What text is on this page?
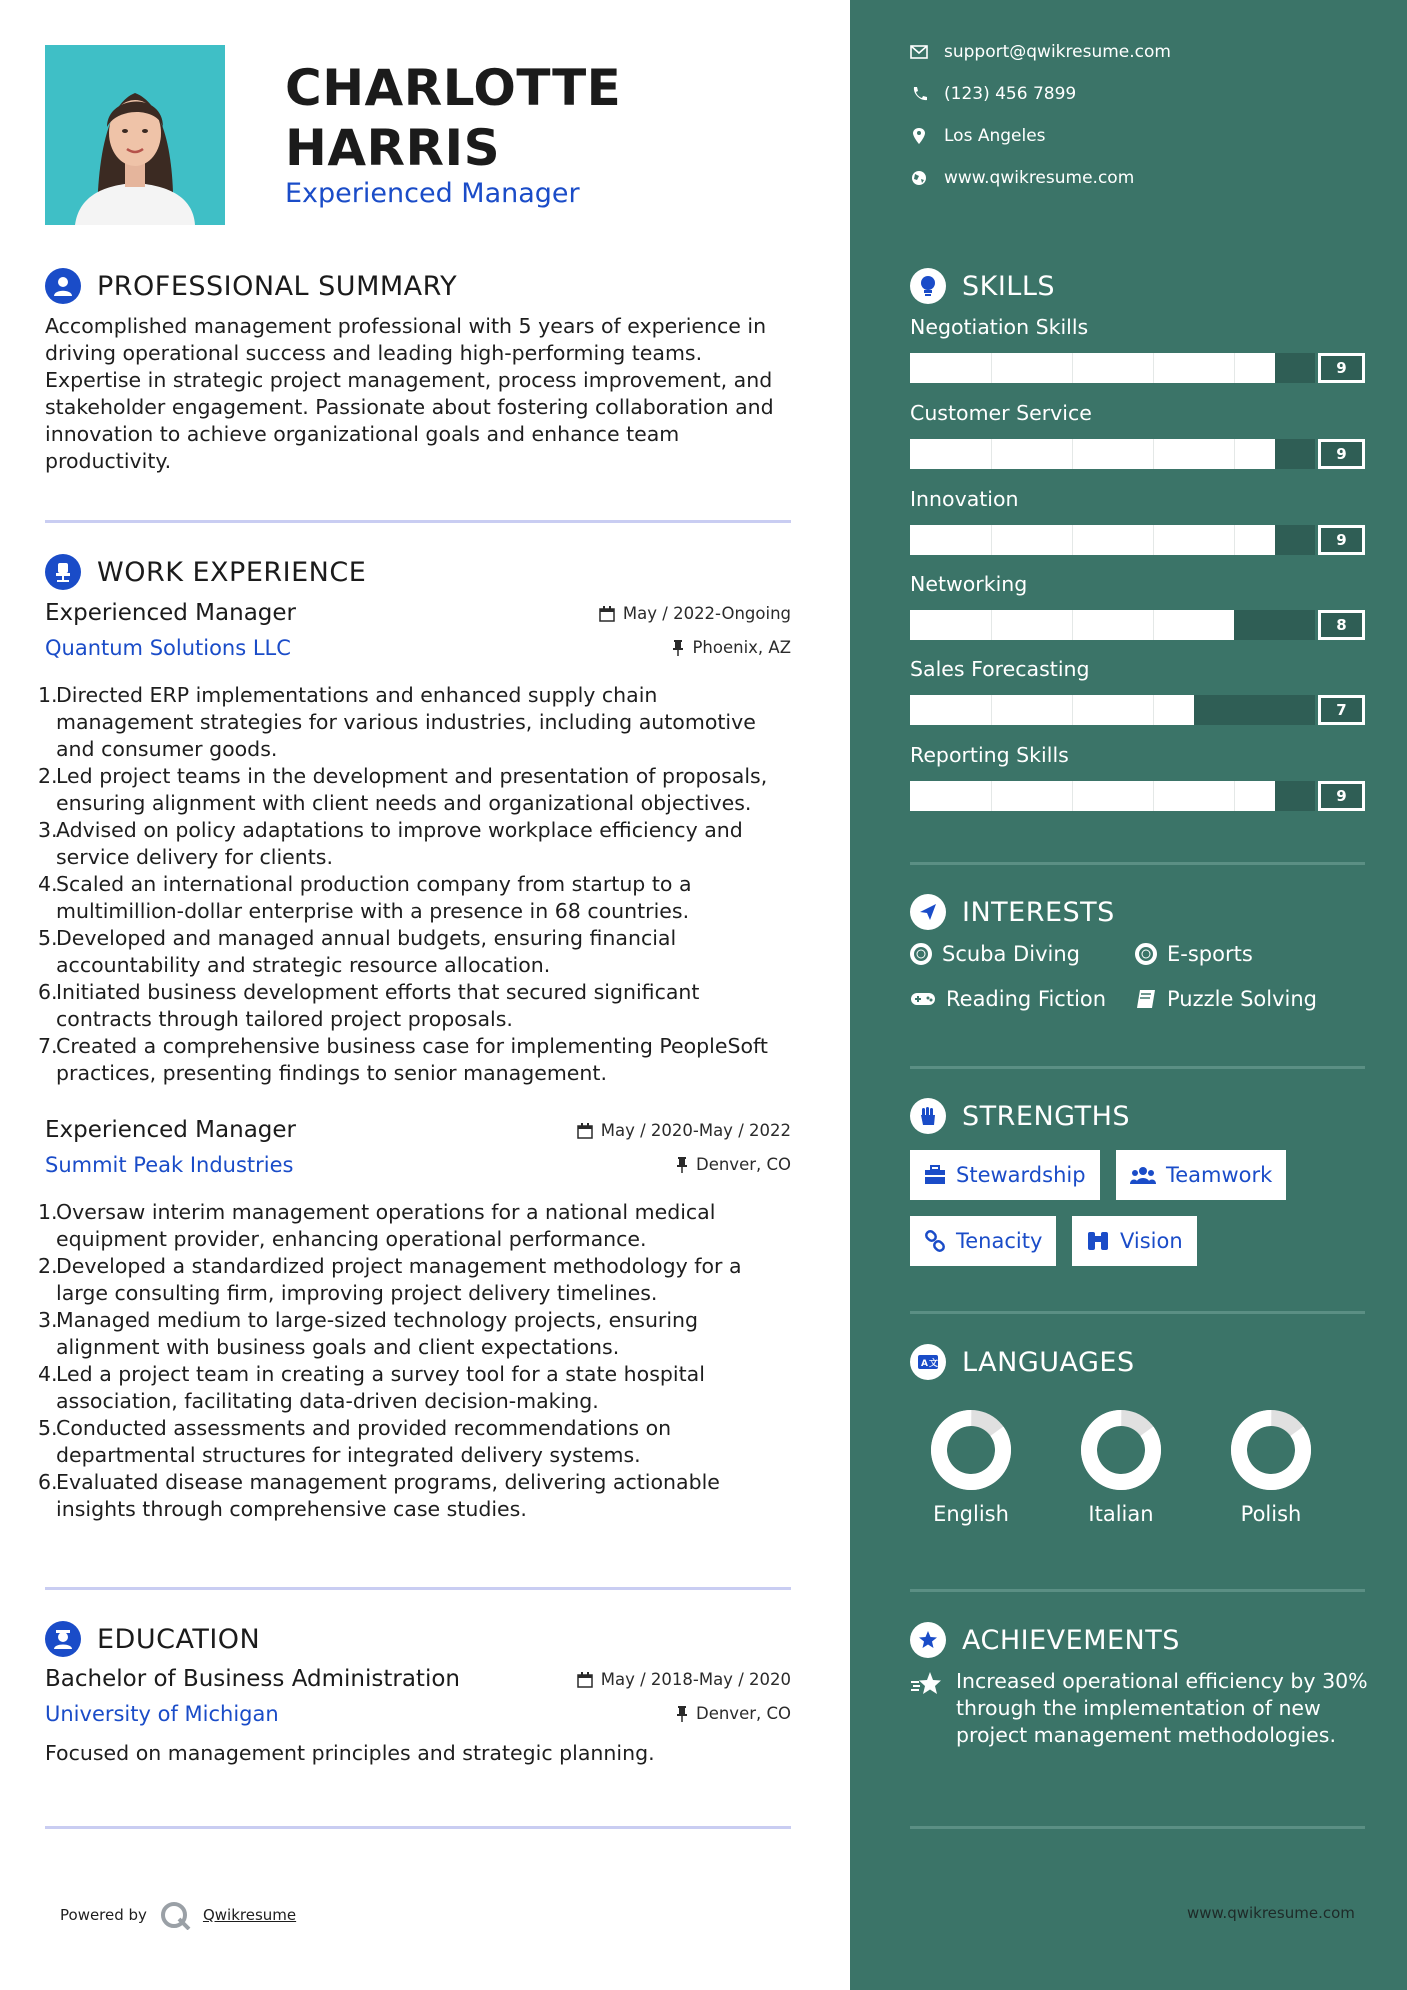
CHARLOTTE
HARRIS
Experienced Manager
PROFESSIONAL SUMMARY
Accomplished management professional with 5 years of experience in driving operational success and leading high-performing teams. Expertise in strategic project management, process improvement, and stakeholder engagement. Passionate about fostering collaboration and innovation to achieve organizational goals and enhance team productivity.
WORK EXPERIENCE
Experienced Manager	May / 2022-Ongoing
Quantum Solutions LLC	Phoenix, AZ
1.
Directed ERP implementations and enhanced supply chain management strategies for various industries, including automotive and consumer goods.
2.
Led project teams in the development and presentation of proposals, ensuring alignment with client needs and organizational objectives.
3.
Advised on policy adaptations to improve workplace efficiency and service delivery for clients.
4.
Scaled an international production company from startup to a multimillion-dollar enterprise with a presence in 68 countries.
5.
Developed and managed annual budgets, ensuring financial accountability and strategic resource allocation.
6.
Initiated business development efforts that secured significant contracts through tailored project proposals.
7.
Created a comprehensive business case for implementing PeopleSoft practices, presenting findings to senior management.
Experienced Manager	May / 2020-May / 2022
Summit Peak Industries	Denver, CO
1.
Oversaw interim management operations for a national medical equipment provider, enhancing operational performance.
2.
Developed a standardized project management methodology for a large consulting firm, improving project delivery timelines.
3.
Managed medium to large-sized technology projects, ensuring alignment with business goals and client expectations.
4.
Led a project team in creating a survey tool for a state hospital association, facilitating data-driven decision-making.
5.
Conducted assessments and provided recommendations on departmental structures for integrated delivery systems.
6.
Evaluated disease management programs, delivering actionable insights through comprehensive case studies.
EDUCATION
Bachelor of Business Administration	May / 2018-May / 2020
University of Michigan	Denver, CO
Focused on management principles and strategic planning.
Powered by	Qwikresume
support@qwikresume.com
(123) 456 7899
Los Angeles
www.qwikresume.com
SKILLS
Negotiation Skills
9
Customer Service
9
Innovation
9
Networking
8
Sales Forecasting
7
Reporting Skills
9
INTERESTS
Scuba Diving	E-sports
Reading Fiction	Puzzle Solving
STRENGTHS
Stewardship	Teamwork
Tenacity	Vision
A 文 LANGUAGES
English	Italian	Polish
ACHIEVEMENTS
Increased operational efficiency by 30% through the implementation of new project management methodologies.
www.qwikresume.com
